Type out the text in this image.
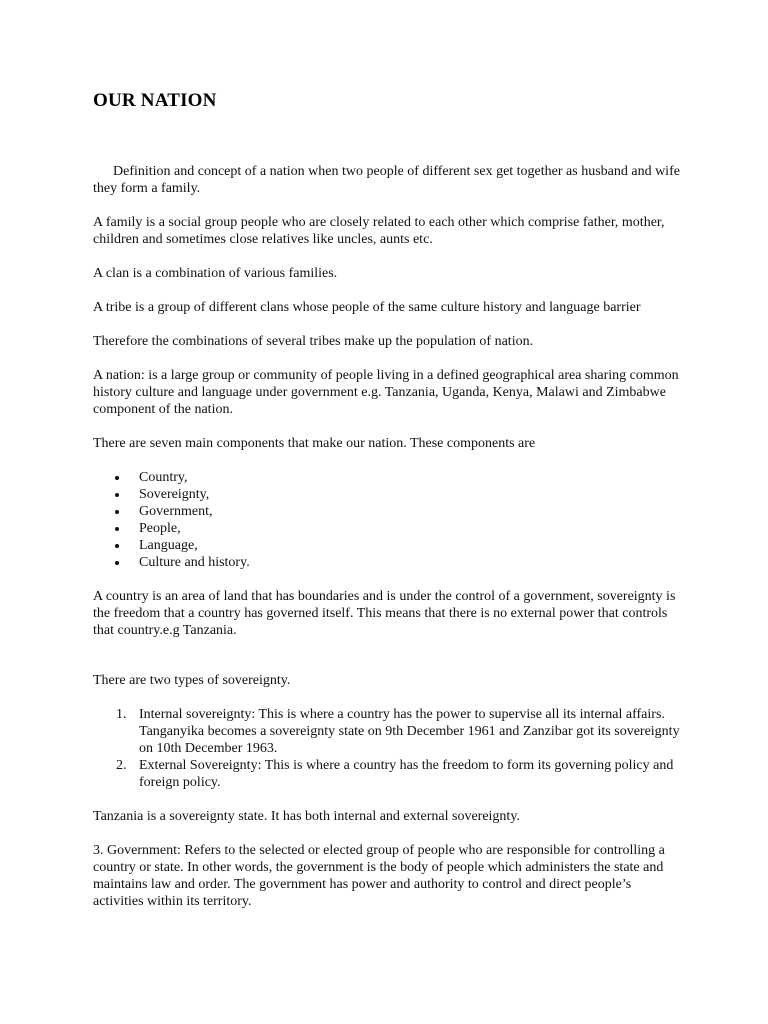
OUR NATION

Definition and concept of a nation when two people of different sex get together as husband and wife they form a family.

A family is a social group people who are closely related to each other which comprise father, mother, children and sometimes close relatives like uncles, aunts etc.

A clan is a combination of various families.

A tribe is a group of different clans whose people of the same culture history and language barrier

Therefore the combinations of several tribes make up the population of nation.

A nation: is a large group or community of people living in a defined geographical area sharing common history culture and language under government e.g. Tanzania, Uganda, Kenya, Malawi and Zimbabwe component of the nation.

There are seven main components that make our nation. These components are

Country,
Sovereignty,
Government,
People,
Language,
Culture and history.

A country is an area of land that has boundaries and is under the control of a government, sovereignty is the freedom that a country has governed itself. This means that there is no external power that controls that country.e.g Tanzania.

There are two types of sovereignty.

1. Internal sovereignty: This is where a country has the power to supervise all its internal affairs. Tanganyika becomes a sovereignty state on 9th December 1961 and Zanzibar got its sovereignty on 10th December 1963.
2. External Sovereignty: This is where a country has the freedom to form its governing policy and foreign policy.

Tanzania is a sovereignty state. It has both internal and external sovereignty.

3. Government: Refers to the selected or elected group of people who are responsible for controlling a country or state. In other words, the government is the body of people which administers the state and maintains law and order. The government has power and authority to control and direct people’s activities within its territory.
